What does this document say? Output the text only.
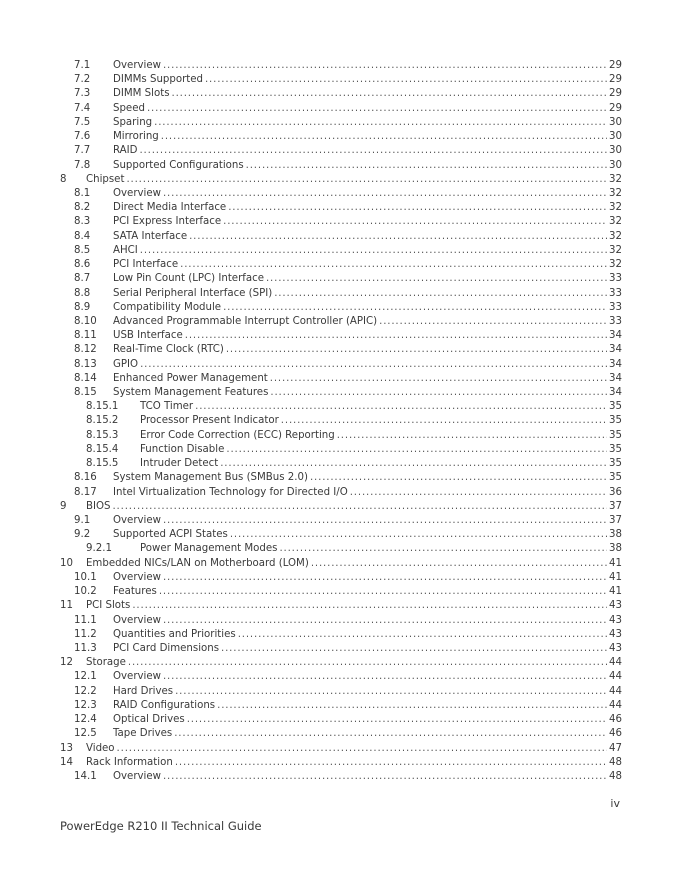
7.1	Overview . . .	29
7.2	DIMMs Supported . . .	29
7.3	DIMM Slots . . .	29
7.4	Speed . . .	29
7.5	Sparing . . .	30
7.6	Mirroring . . .	30
7.7	RAID . . .	30
7.8	Supported Configurations . . .	30
8	Chipset . . .	32
8.1	Overview . . .	32
8.2	Direct Media Interface . . .	32
8.3	PCI Express Interface . . .	32
8.4	SATA Interface . . .	32
8.5	AHCI . . .	32
8.6	PCI Interface . . .	32
8.7	Low Pin Count (LPC) Interface . . .	33
8.8	Serial Peripheral Interface (SPI) . . .	33
8.9	Compatibility Module . . .	33
8.10	Advanced Programmable Interrupt Controller (APIC) . . .	33
8.11	USB Interface . . .	34
8.12	Real-Time Clock (RTC) . . .	34
8.13	GPIO . . .	34
8.14	Enhanced Power Management . . .	34
8.15	System Management Features . . .	34
8.15.1	TCO Timer . . .	35
8.15.2	Processor Present Indicator . . .	35
8.15.3	Error Code Correction (ECC) Reporting . . .	35
8.15.4	Function Disable . . .	35
8.15.5	Intruder Detect . . .	35
8.16	System Management Bus (SMBus 2.0) . . .	35
8.17	Intel Virtualization Technology for Directed I/O . . .	36
9	BIOS . . .	37
9.1	Overview . . .	37
9.2	Supported ACPI States . . .	38
9.2.1	Power Management Modes . . .	38
10	Embedded NICs/LAN on Motherboard (LOM) . . .	41
10.1	Overview . . .	41
10.2	Features . . .	41
11	PCI Slots . . .	43
11.1	Overview . . .	43
11.2	Quantities and Priorities . . .	43
11.3	PCI Card Dimensions . . .	43
12	Storage . . .	44
12.1	Overview . . .	44
12.2	Hard Drives . . .	44
12.3	RAID Configurations . . .	44
12.4	Optical Drives . . .	46
12.5	Tape Drives . . .	46
13	Video . . .	47
14	Rack Information . . .	48
14.1	Overview . . .	48
iv
PowerEdge R210 II Technical Guide
